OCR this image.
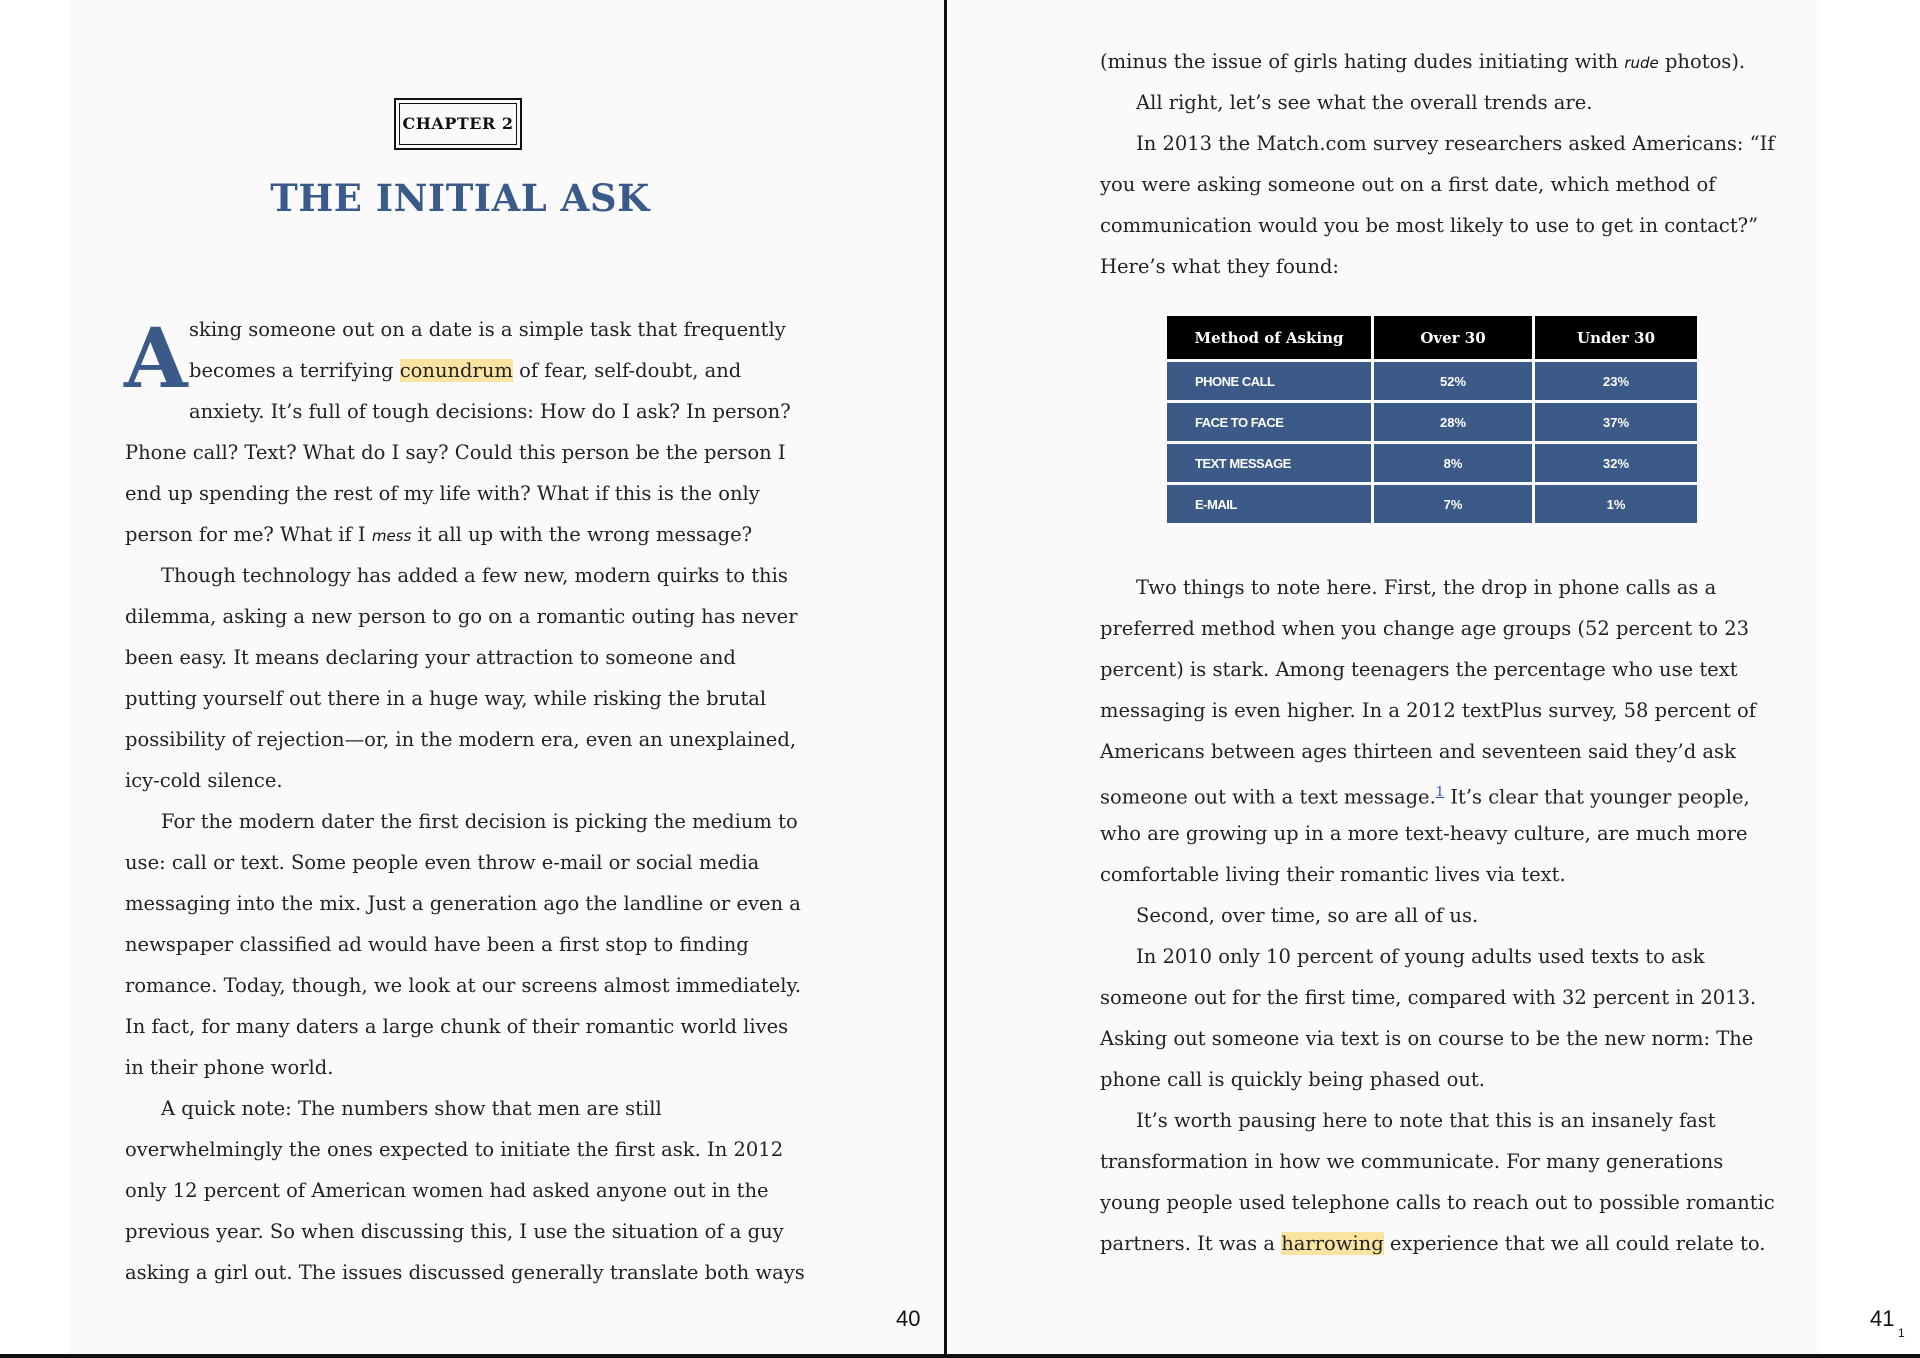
CHAPTER 2
THE INITIAL ASK
A sking someone out on a date is a simple task that frequently
becomes a terrifying conundrum of fear, self-doubt, and
anxiety. It’s full of tough decisions: How do I ask? In person?
Phone call? Text? What do I say? Could this person be the person I
end up spending the rest of my life with? What if this is the only
person for me? What if I mess it all up with the wrong message?
Though technology has added a few new, modern quirks to this
dilemma, asking a new person to go on a romantic outing has never
been easy. It means declaring your attraction to someone and
putting yourself out there in a huge way, while risking the brutal
possibility of rejection—or, in the modern era, even an unexplained,
icy-cold silence.
For the modern dater the first decision is picking the medium to
use: call or text. Some people even throw e-mail or social media
messaging into the mix. Just a generation ago the landline or even a
newspaper classified ad would have been a first stop to finding
romance. Today, though, we look at our screens almost immediately.
In fact, for many daters a large chunk of their romantic world lives
in their phone world.
A quick note: The numbers show that men are still
overwhelmingly the ones expected to initiate the first ask. In 2012
only 12 percent of American women had asked anyone out in the
previous year. So when discussing this, I use the situation of a guy
asking a girl out. The issues discussed generally translate both ways
(minus the issue of girls hating dudes initiating with rude photos).
All right, let’s see what the overall trends are.
In 2013 the Match.com survey researchers asked Americans: “If
you were asking someone out on a first date, which method of
communication would you be most likely to use to get in contact?”
Here’s what they found:
Two things to note here. First, the drop in phone calls as a
preferred method when you change age groups (52 percent to 23
percent) is stark. Among teenagers the percentage who use text
messaging is even higher. In a 2012 textPlus survey, 58 percent of
Americans between ages thirteen and seventeen said they’d ask
someone out with a text message.$^1$ It’s clear that younger people,
who are growing up in a more text-heavy culture, are much more
comfortable living their romantic lives via text.
Second, over time, so are all of us.
In 2010 only 10 percent of young adults used texts to ask
someone out for the first time, compared with 32 percent in 2013.
Asking out someone via text is on course to be the new norm: The
phone call is quickly being phased out.
It’s worth pausing here to note that this is an insanely fast
transformation in how we communicate. For many generations
young people used telephone calls to reach out to possible romantic
partners. It was a harrowing experience that we all could relate to.
Method of Asking	Over 30	Under 30
PHONE CALL	52%	23%
FACE TO FACE	28%	37%
TEXT MESSAGE	8%	32%
E-MAIL	7%	1%
40	41
1
